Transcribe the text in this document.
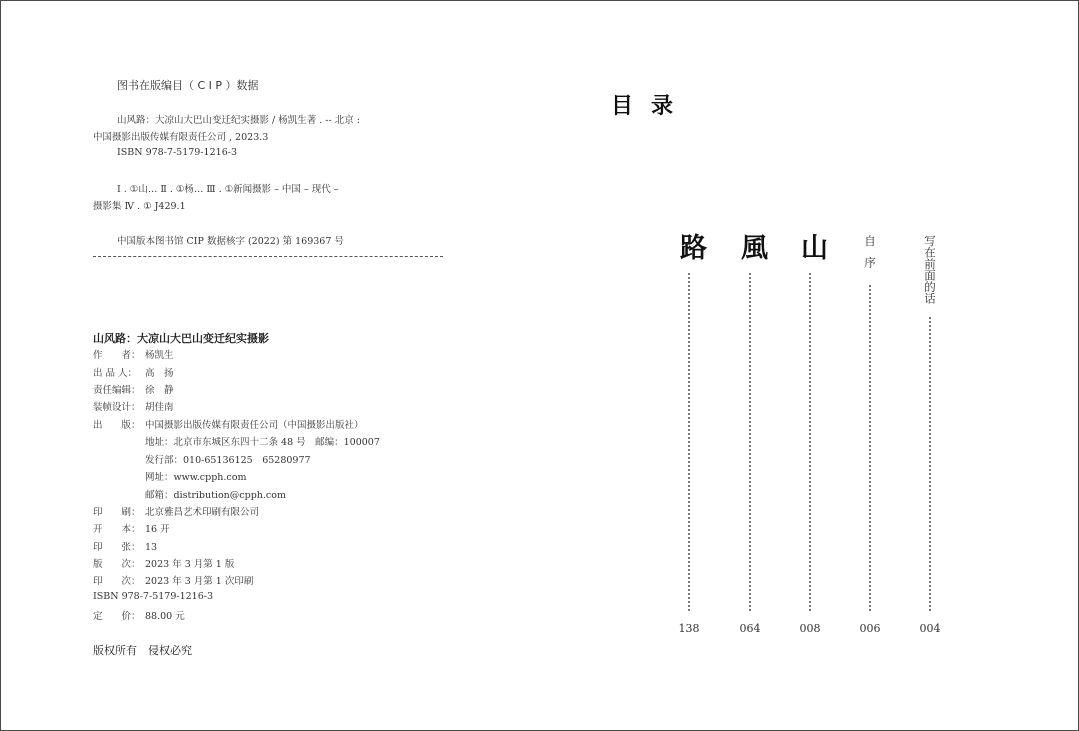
图书在版编目（ C I P ）数据
山风路：大凉山大巴山变迁纪实摄影 / 杨凯生著 . -- 北京 :
中国摄影出版传媒有限责任公司 , 2023.3
ISBN 978-7-5179-1216-3
Ⅰ . ①山… Ⅱ . ①杨… Ⅲ . ①新闻摄影 – 中国 – 现代 –
摄影集 Ⅳ . ① J429.1
中国版本图书馆 CIP 数据核字 (2022) 第 169367 号
山风路：大凉山大巴山变迁纪实摄影
作　　者： 杨凯生
出 品 人： 高　扬
责任编辑： 徐　静
装帧设计： 胡佳南
出　　版： 中国摄影出版传媒有限责任公司（中国摄影出版社）
地址：北京市东城区东四十二条 48 号　邮编：100007
发行部：010-65136125　65280977
网址：www.cpph.com
邮箱：distribution@cpph.com
印　　刷： 北京雅昌艺术印刷有限公司
开　　本： 16 开
印　　张： 13
版　　次： 2023 年 3 月第 1 版
印　　次： 2023 年 3 月第 1 次印刷
ISBN 978-7-5179-1216-3
定　　价： 88.00 元
版权所有　侵权必究
目录
路
138
風
064
山
008
自序
006
写在前面的话
004
